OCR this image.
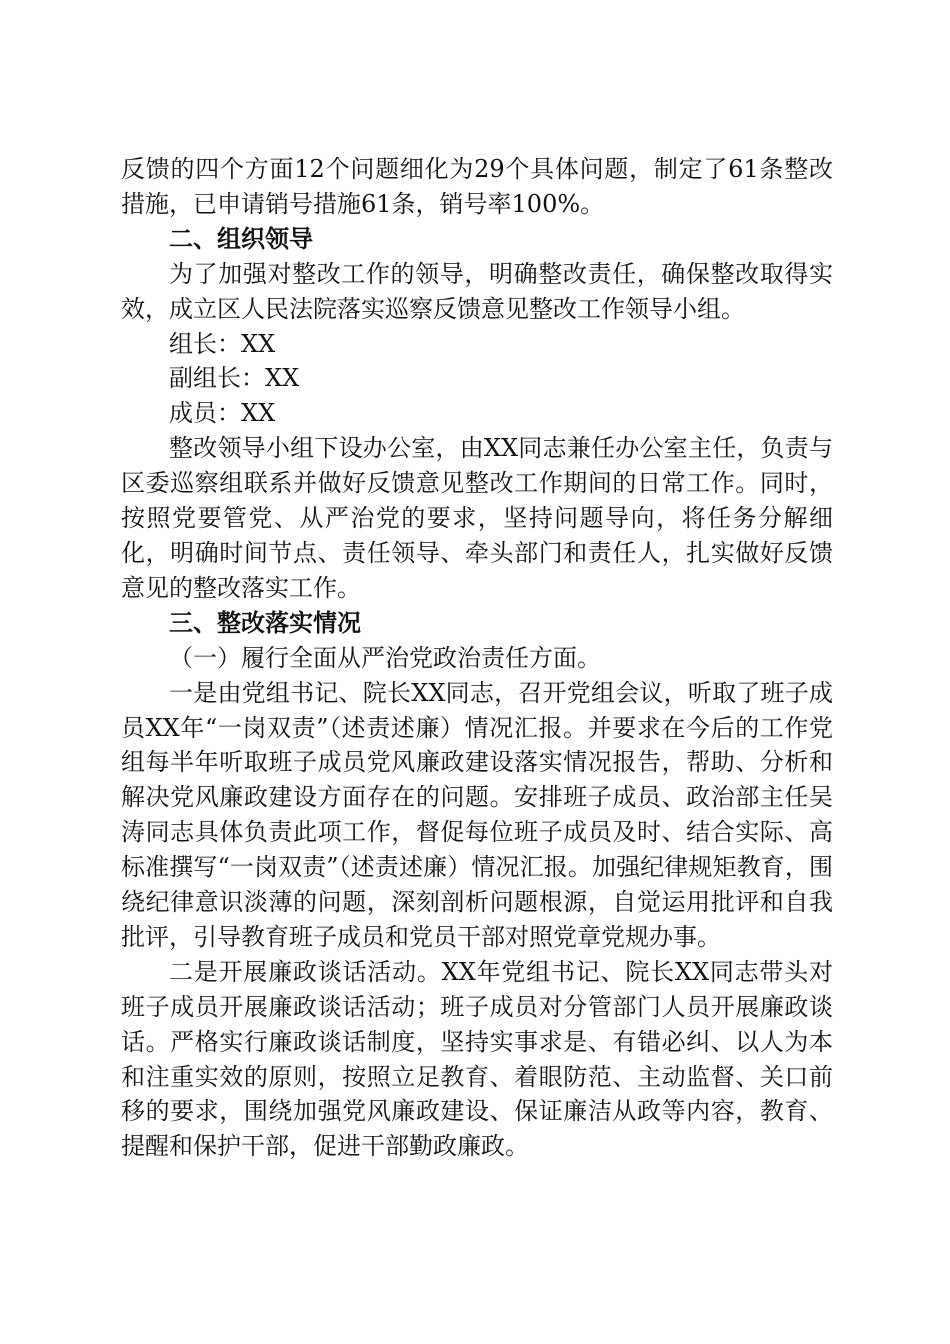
反馈的四个方面12个问题细化为29个具体问题，制定了61条整改措施，已申请销号措施61条，销号率100%。

二、组织领导

为了加强对整改工作的领导，明确整改责任，确保整改取得实效，成立区人民法院落实巡察反馈意见整改工作领导小组。

组长：XX

副组长：XX

成员：XX

整改领导小组下设办公室，由XX同志兼任办公室主任，负责与区委巡察组联系并做好反馈意见整改工作期间的日常工作。同时，按照党要管党、从严治党的要求，坚持问题导向，将任务分解细化，明确时间节点、责任领导、牵头部门和责任人，扎实做好反馈意见的整改落实工作。

三、整改落实情况

（一）履行全面从严治党政治责任方面。

一是由党组书记、院长XX同志，召开党组会议，听取了班子成员XX年“一岗双责”（述责述廉）情况汇报。并要求在今后的工作党组每半年听取班子成员党风廉政建设落实情况报告，帮助、分析和解决党风廉政建设方面存在的问题。安排班子成员、政治部主任吴涛同志具体负责此项工作，督促每位班子成员及时、结合实际、高标准撰写“一岗双责”（述责述廉）情况汇报。加强纪律规矩教育，围绕纪律意识淡薄的问题，深刻剖析问题根源，自觉运用批评和自我批评，引导教育班子成员和党员干部对照党章党规办事。

二是开展廉政谈话活动。XX年党组书记、院长XX同志带头对班子成员开展廉政谈话活动；班子成员对分管部门人员开展廉政谈话。严格实行廉政谈话制度，坚持实事求是、有错必纠、以人为本和注重实效的原则，按照立足教育、着眼防范、主动监督、关口前移的要求，围绕加强党风廉政建设、保证廉洁从政等内容，教育、提醒和保护干部，促进干部勤政廉政。
